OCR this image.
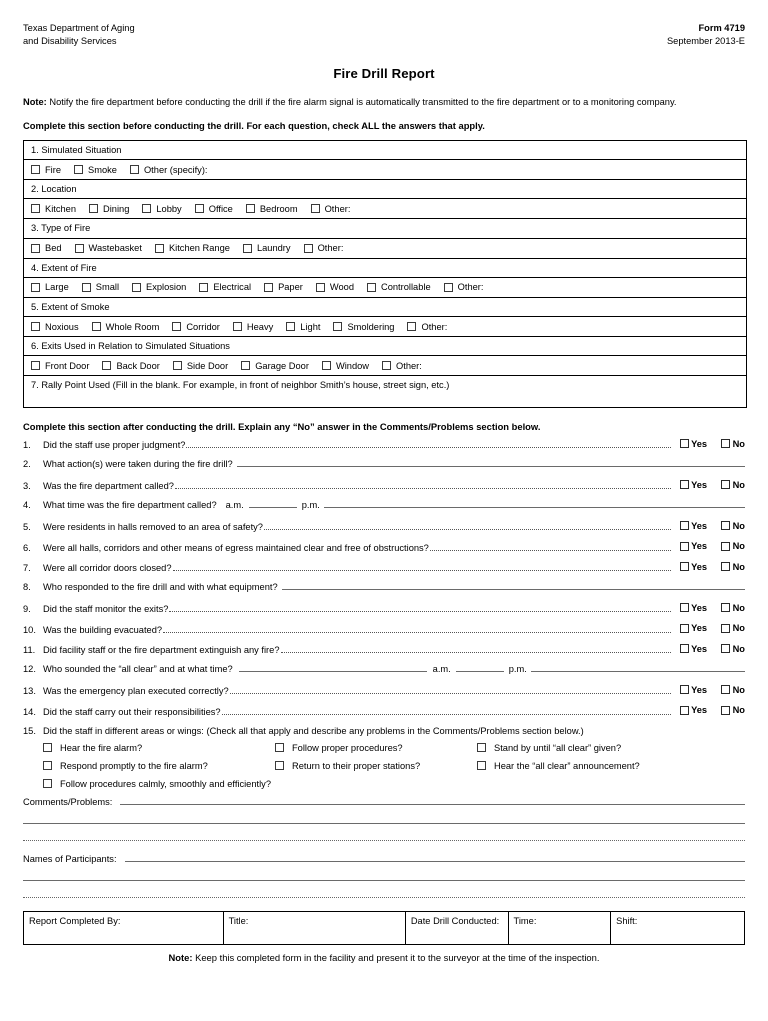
Texas Department of Aging
and Disability Services
Form 4719
September 2013-E
Fire Drill Report
Note: Notify the fire department before conducting the drill if the fire alarm signal is automatically transmitted to the fire department or to a monitoring company.
Complete this section before conducting the drill. For each question, check ALL the answers that apply.
1. Simulated Situation
Fire	Smoke	Other (specify):
2. Location
Kitchen	Dining	Lobby	Office	Bedroom	Other:
3. Type of Fire
Bed	Wastebasket	Kitchen Range	Laundry	Other:
4. Extent of Fire
Large	Small	Explosion	Electrical	Paper	Wood	Controllable	Other:
5. Extent of Smoke
Noxious	Whole Room	Corridor	Heavy	Light	Smoldering	Other:
6. Exits Used in Relation to Simulated Situations
Front Door	Back Door	Side Door	Garage Door	Window	Other:
7. Rally Point Used (Fill in the blank. For example, in front of neighbor Smith’s house, street sign, etc.)
Complete this section after conducting the drill. Explain any “No” answer in the Comments/Problems section below.
1.	Did the staff use proper judgment?	Yes	No
2.	What action(s) were taken during the fire drill?
3.	Was the fire department called?	Yes	No
4.	What time was the fire department called? a.m.	p.m.
5.	Were residents in halls removed to an area of safety?	Yes	No
6.	Were all halls, corridors and other means of egress maintained clear and free of obstructions?	Yes	No
7.	Were all corridor doors closed?	Yes	No
8.	Who responded to the fire drill and with what equipment?
9.	Did the staff monitor the exits?	Yes	No
10. Was the building evacuated?	Yes	No
11. Did facility staff or the fire department extinguish any fire?	Yes	No
12. Who sounded the “all clear” and at what time?	a.m.	p.m.
13. Was the emergency plan executed correctly?	Yes	No
14. Did the staff carry out their responsibilities?	Yes	No
15. Did the staff in different areas or wings: (Check all that apply and describe any problems in the Comments/Problems section below.)
Hear the fire alarm?	Follow proper procedures?	Stand by until “all clear” given?
Respond promptly to the fire alarm?	Return to their proper stations?	Hear the “all clear” announcement?
Follow procedures calmly, smoothly and efficiently?
Comments/Problems:
Names of Participants:
Report Completed By:	Title:	Date Drill Conducted:	Time:	Shift:
Note: Keep this completed form in the facility and present it to the surveyor at the time of the inspection.
